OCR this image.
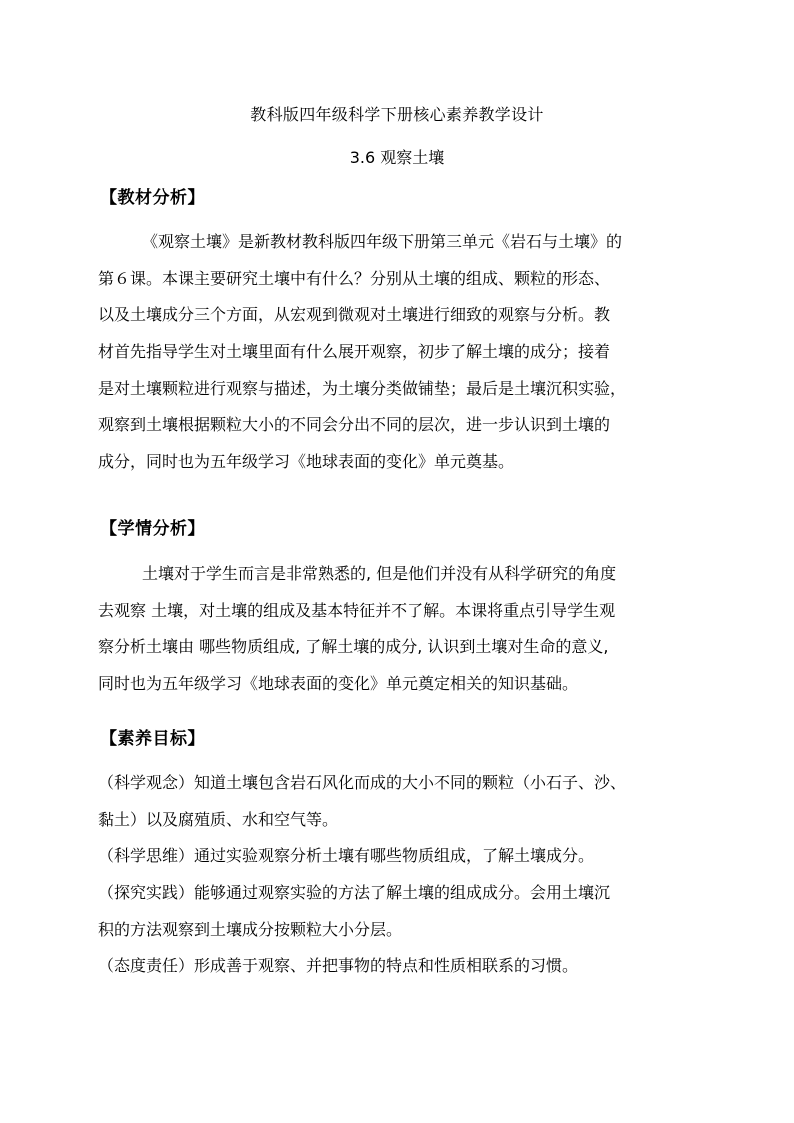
教科版四年级科学下册核心素养教学设计
3.6 观察土壤
【教材分析】
《观察土壤》是新教材教科版四年级下册第三单元《岩石与土壤》的
第６课。本课主要研究土壤中有什么？分别从土壤的组成、颗粒的形态、
以及土壤成分三个方面，从宏观到微观对土壤进行细致的观察与分析。教
材首先指导学生对土壤里面有什么展开观察，初步了解土壤的成分；接着
是对土壤颗粒进行观察与描述，为土壤分类做铺垫；最后是土壤沉积实验，
观察到土壤根据颗粒大小的不同会分出不同的层次，进一步认识到土壤的
成分，同时也为五年级学习《地球表面的变化》单元奠基。
【学情分析】
土壤对于学生而言是非常熟悉的, 但是他们并没有从科学研究的角度
去观察 土壤，对土壤的组成及基本特征并不了解。本课将重点引导学生观
察分析土壤由 哪些物质组成, 了解土壤的成分, 认识到土壤对生命的意义,
同时也为五年级学习《地球表面的变化》单元奠定相关的知识基础。
【素养目标】
（科学观念）知道土壤包含岩石风化而成的大小不同的颗粒（小石子、沙、
黏土）以及腐殖质、水和空气等。
（科学思维）通过实验观察分析土壤有哪些物质组成，了解土壤成分。
（探究实践）能够通过观察实验的方法了解土壤的组成成分。会用土壤沉
积的方法观察到土壤成分按颗粒大小分层。
（态度责任）形成善于观察、并把事物的特点和性质相联系的习惯。
